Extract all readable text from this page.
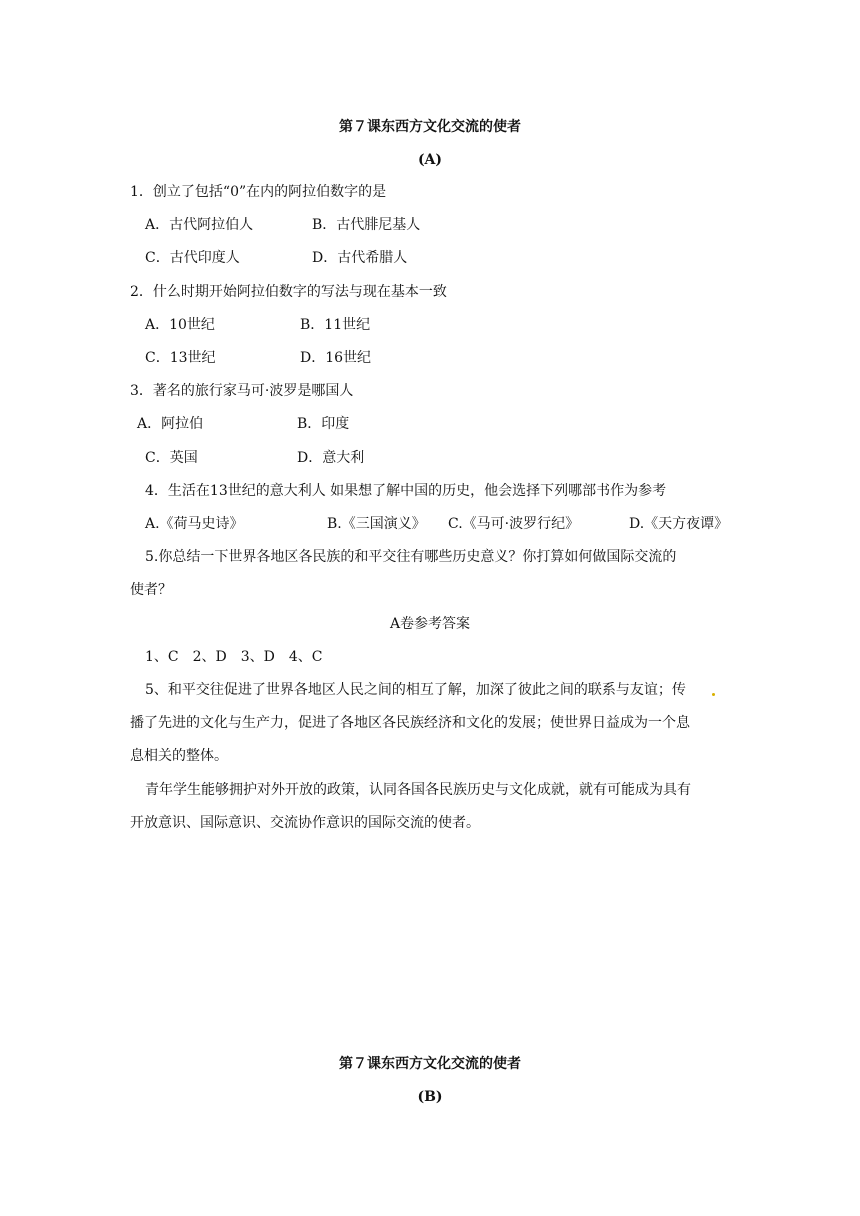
第７课东西方文化交流的使者
(A)
1．创立了包括“0”在内的阿拉伯数字的是
A．古代阿拉伯人	B．古代腓尼基人
C．古代印度人	D．古代希腊人
2．什么时期开始阿拉伯数字的写法与现在基本一致
A．10世纪	B．11世纪
C．13世纪	D．16世纪
3．著名的旅行家马可·波罗是哪国人
A．阿拉伯	B．印度
C．英国	D．意大利
4．生活在13世纪的意大利人 如果想了解中国的历史，他会选择下列哪部书作为参考
A.《荷马史诗》	B.《三国演义》 C.《马可·波罗行纪》	D.《天方夜谭》
5.你总结一下世界各地区各民族的和平交往有哪些历史意义？你打算如何做国际交流的
使者？
A卷参考答案
1、C　2、D　3、D　4、C
5、和平交往促进了世界各地区人民之间的相互了解，加深了彼此之间的联系与友谊；传
播了先进的文化与生产力，促进了各地区各民族经济和文化的发展；使世界日益成为一个息
息相关的整体。
青年学生能够拥护对外开放的政策，认同各国各民族历史与文化成就，就有可能成为具有
开放意识、国际意识、交流协作意识的国际交流的使者。
第７课东西方文化交流的使者
(B)
